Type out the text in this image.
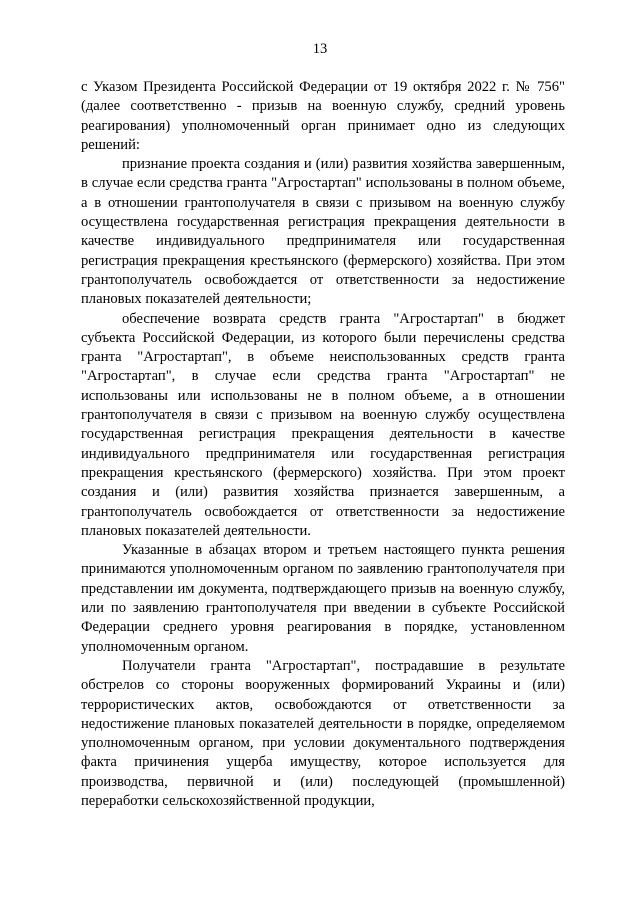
13

с Указом Президента Российской Федерации от 19 октября 2022 г. № 756" (далее соответственно - призыв на военную службу, средний уровень реагирования) уполномоченный орган принимает одно из следующих решений:

признание проекта создания и (или) развития хозяйства завершенным, в случае если средства гранта "Агростартап" использованы в полном объеме, а в отношении грантополучателя в связи с призывом на военную службу осуществлена государственная регистрация прекращения деятельности в качестве индивидуального предпринимателя или государственная регистрация прекращения крестьянского (фермерского) хозяйства. При этом грантополучатель освобождается от ответственности за недостижение плановых показателей деятельности;

обеспечение возврата средств гранта "Агростартап" в бюджет субъекта Российской Федерации, из которого были перечислены средства гранта "Агростартап", в объеме неиспользованных средств гранта "Агростартап", в случае если средства гранта "Агростартап" не использованы или использованы не в полном объеме, а в отношении грантополучателя в связи с призывом на военную службу осуществлена государственная регистрация прекращения деятельности в качестве индивидуального предпринимателя или государственная регистрация прекращения крестьянского (фермерского) хозяйства. При этом проект создания и (или) развития хозяйства признается завершенным, а грантополучатель освобождается от ответственности за недостижение плановых показателей деятельности.

Указанные в абзацах втором и третьем настоящего пункта решения принимаются уполномоченным органом по заявлению грантополучателя при представлении им документа, подтверждающего призыв на военную службу, или по заявлению грантополучателя при введении в субъекте Российской Федерации среднего уровня реагирования в порядке, установленном уполномоченным органом.

Получатели гранта "Агростартап", пострадавшие в результате обстрелов со стороны вооруженных формирований Украины и (или) террористических актов, освобождаются от ответственности за недостижение плановых показателей деятельности в порядке, определяемом уполномоченным органом, при условии документального подтверждения факта причинения ущерба имуществу, которое используется для производства, первичной и (или) последующей (промышленной) переработки сельскохозяйственной продукции,
